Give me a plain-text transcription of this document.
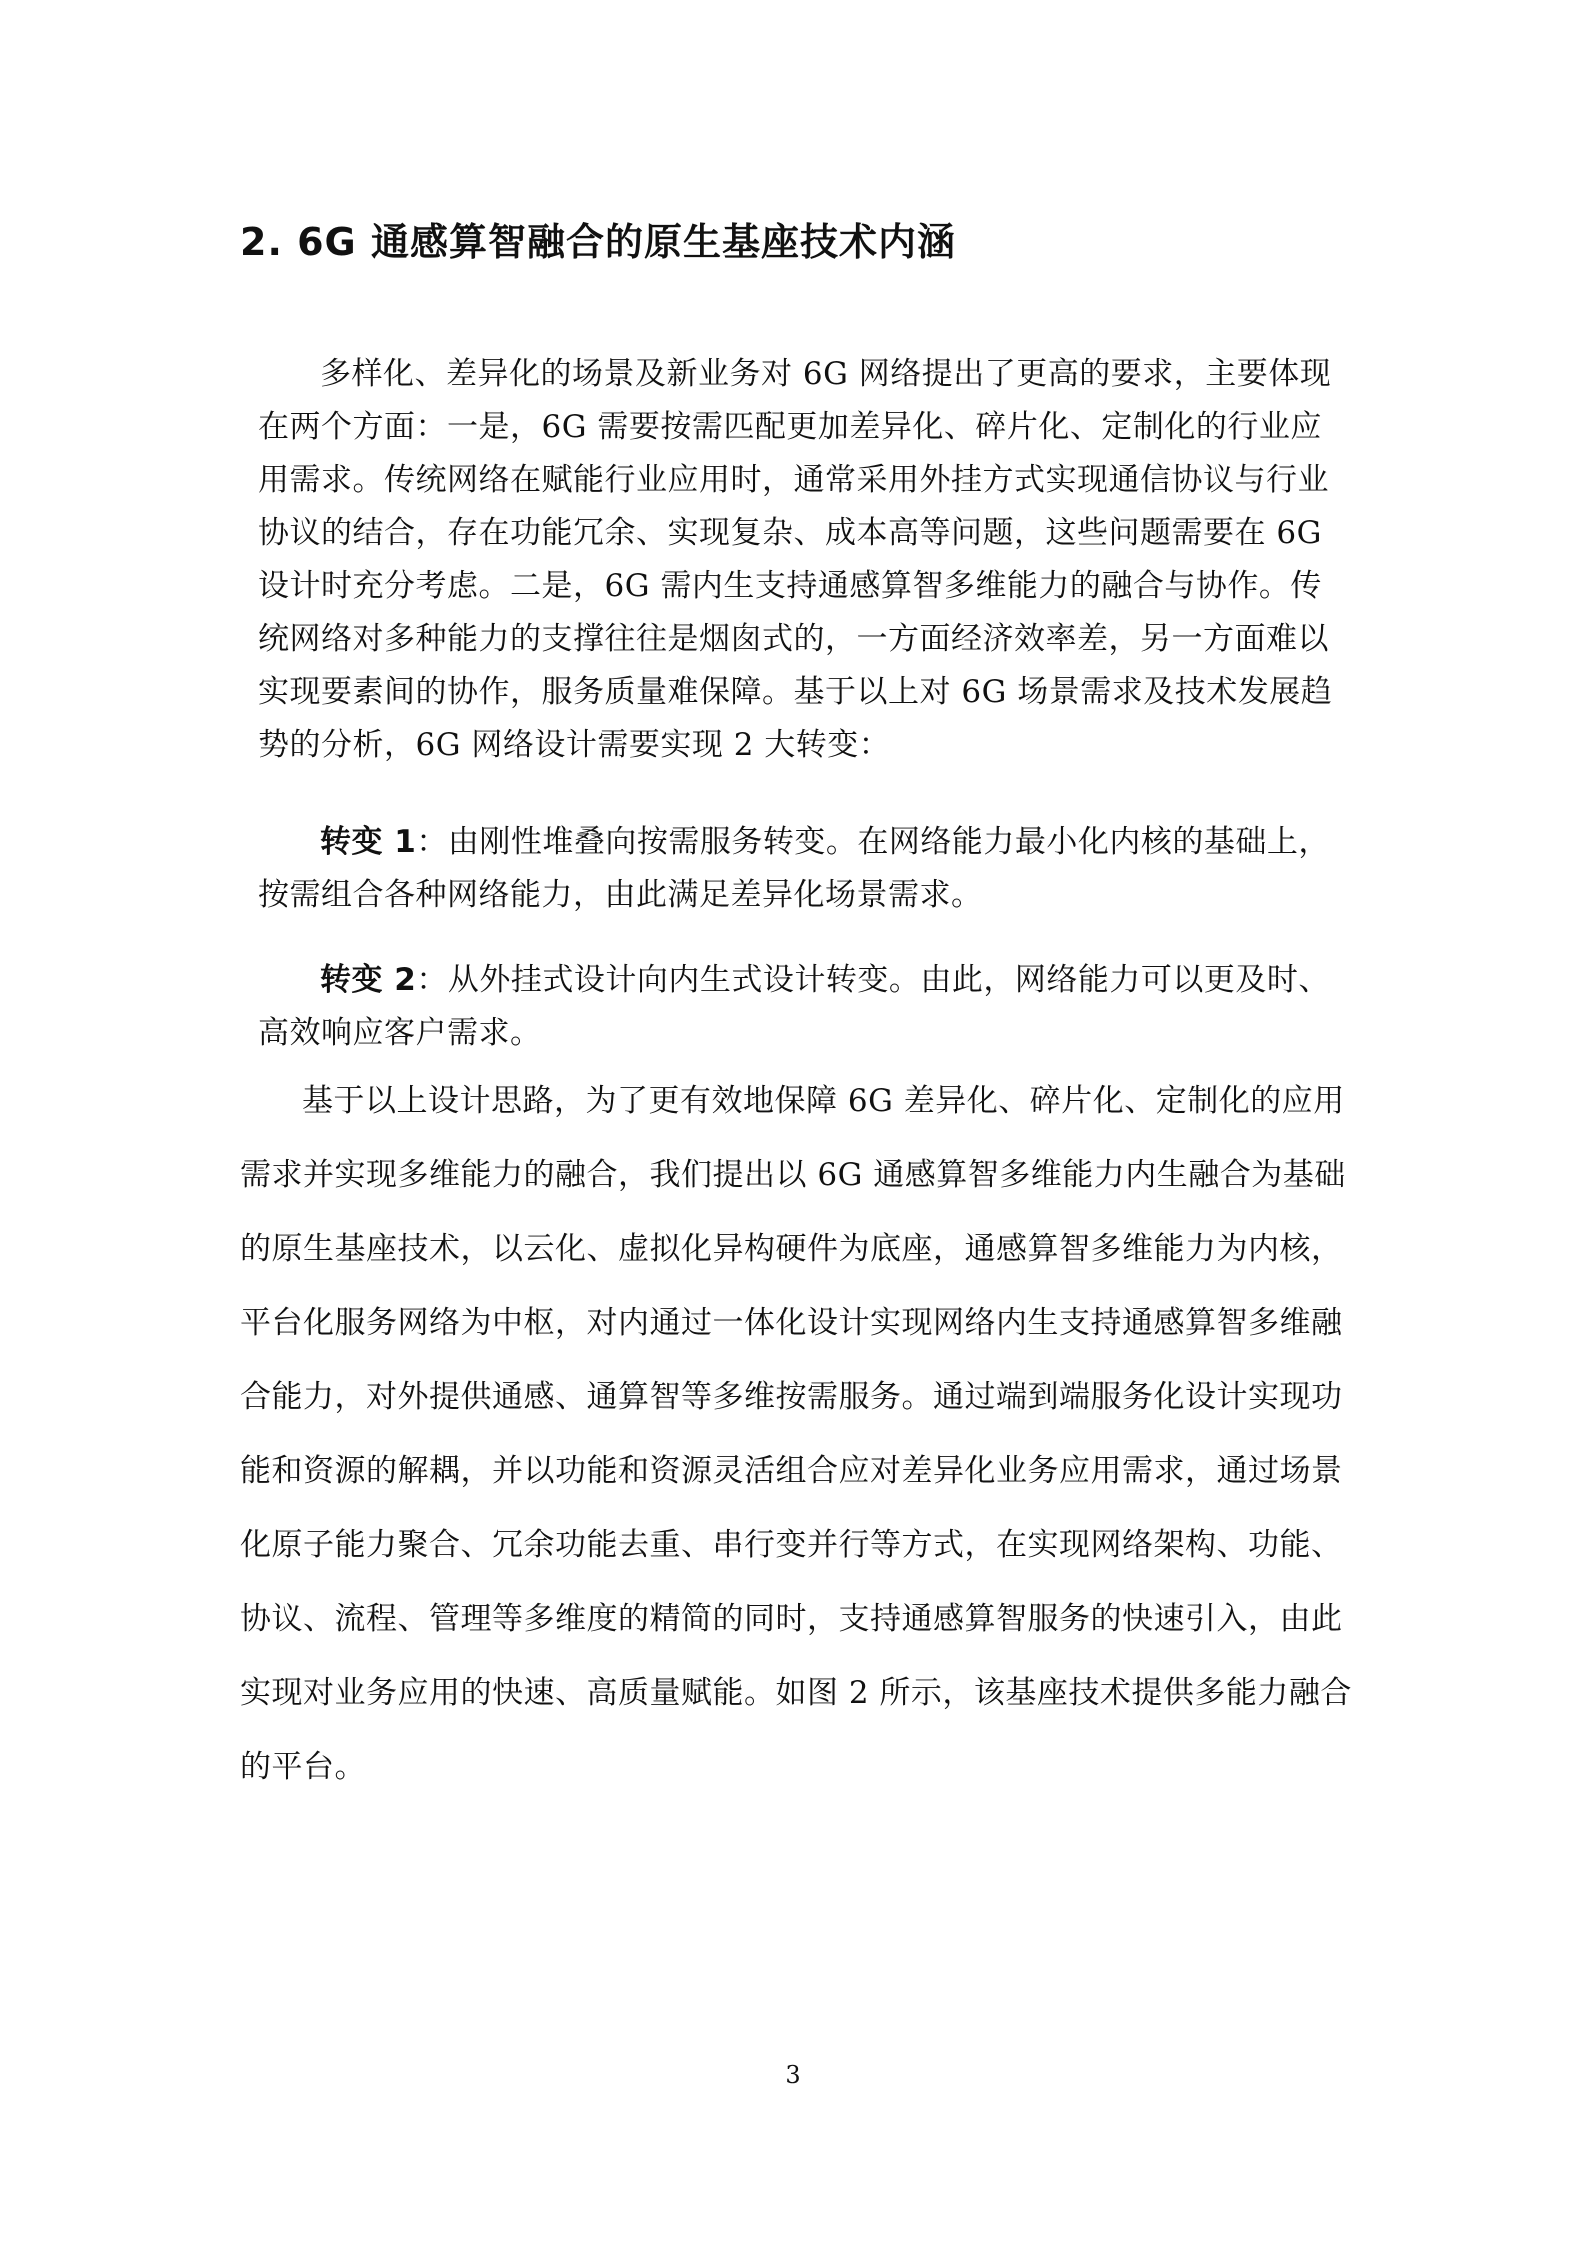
2. 6G 通感算智融合的原生基座技术内涵
多样化、差异化的场景及新业务对 6G 网络提出了更高的要求，主要体现
在两个方面：一是，6G 需要按需匹配更加差异化、碎片化、定制化的行业应
用需求。传统网络在赋能行业应用时，通常采用外挂方式实现通信协议与行业
协议的结合，存在功能冗余、实现复杂、成本高等问题，这些问题需要在 6G
设计时充分考虑。二是，6G 需内生支持通感算智多维能力的融合与协作。传
统网络对多种能力的支撑往往是烟囱式的，一方面经济效率差，另一方面难以
实现要素间的协作，服务质量难保障。基于以上对 6G 场景需求及技术发展趋
势的分析，6G 网络设计需要实现 2 大转变：
转变 1：由刚性堆叠向按需服务转变。在网络能力最小化内核的基础上，
按需组合各种网络能力，由此满足差异化场景需求。
转变 2：从外挂式设计向内生式设计转变。由此，网络能力可以更及时、
高效响应客户需求。
基于以上设计思路，为了更有效地保障 6G 差异化、碎片化、定制化的应用
需求并实现多维能力的融合，我们提出以 6G 通感算智多维能力内生融合为基础
的原生基座技术，以云化、虚拟化异构硬件为底座，通感算智多维能力为内核，
平台化服务网络为中枢，对内通过一体化设计实现网络内生支持通感算智多维融
合能力，对外提供通感、通算智等多维按需服务。通过端到端服务化设计实现功
能和资源的解耦，并以功能和资源灵活组合应对差异化业务应用需求，通过场景
化原子能力聚合、冗余功能去重、串行变并行等方式，在实现网络架构、功能、
协议、流程、管理等多维度的精简的同时，支持通感算智服务的快速引入，由此
实现对业务应用的快速、高质量赋能。如图 2 所示，该基座技术提供多能力融合
的平台。
3
